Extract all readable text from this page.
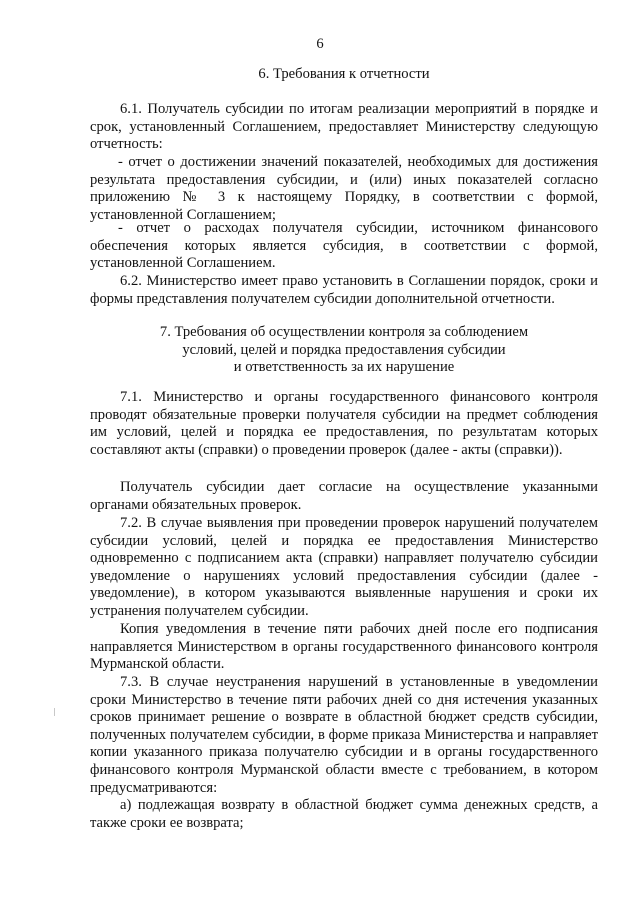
6
6. Требования к отчетности
6.1. Получатель субсидии по итогам реализации мероприятий в порядке и срок, установленный Соглашением, предоставляет Министерству следующую отчетность:
- отчет о достижении значений показателей, необходимых для достижения результата предоставления субсидии, и (или) иных показателей согласно приложению № 3 к настоящему Порядку, в соответствии с формой, установленной Соглашением;
- отчет о расходах получателя субсидии, источником финансового обеспечения которых является субсидия, в соответствии с формой, установленной Соглашением.
6.2. Министерство имеет право установить в Соглашении порядок, сроки и формы представления получателем субсидии дополнительной отчетности.
7. Требования об осуществлении контроля за соблюдением
условий, целей и порядка предоставления субсидии
и ответственность за их нарушение
7.1. Министерство и органы государственного финансового контроля проводят обязательные проверки получателя субсидии на предмет соблюдения им условий, целей и порядка ее предоставления, по результатам которых составляют акты (справки) о проведении проверок (далее - акты (справки)).
Получатель субсидии дает согласие на осуществление указанными органами обязательных проверок.
7.2. В случае выявления при проведении проверок нарушений получателем субсидии условий, целей и порядка ее предоставления Министерство одновременно с подписанием акта (справки) направляет получателю субсидии уведомление о нарушениях условий предоставления субсидии (далее - уведомление), в котором указываются выявленные нарушения и сроки их устранения получателем субсидии.
Копия уведомления в течение пяти рабочих дней после его подписания направляется Министерством в органы государственного финансового контроля Мурманской области.
7.3. В случае неустранения нарушений в установленные в уведомлении сроки Министерство в течение пяти рабочих дней со дня истечения указанных сроков принимает решение о возврате в областной бюджет средств субсидии, полученных получателем субсидии, в форме приказа Министерства и направляет копии указанного приказа получателю субсидии и в органы государственного финансового контроля Мурманской области вместе с требованием, в котором предусматриваются:
а) подлежащая возврату в областной бюджет сумма денежных средств, а также сроки ее возврата;
